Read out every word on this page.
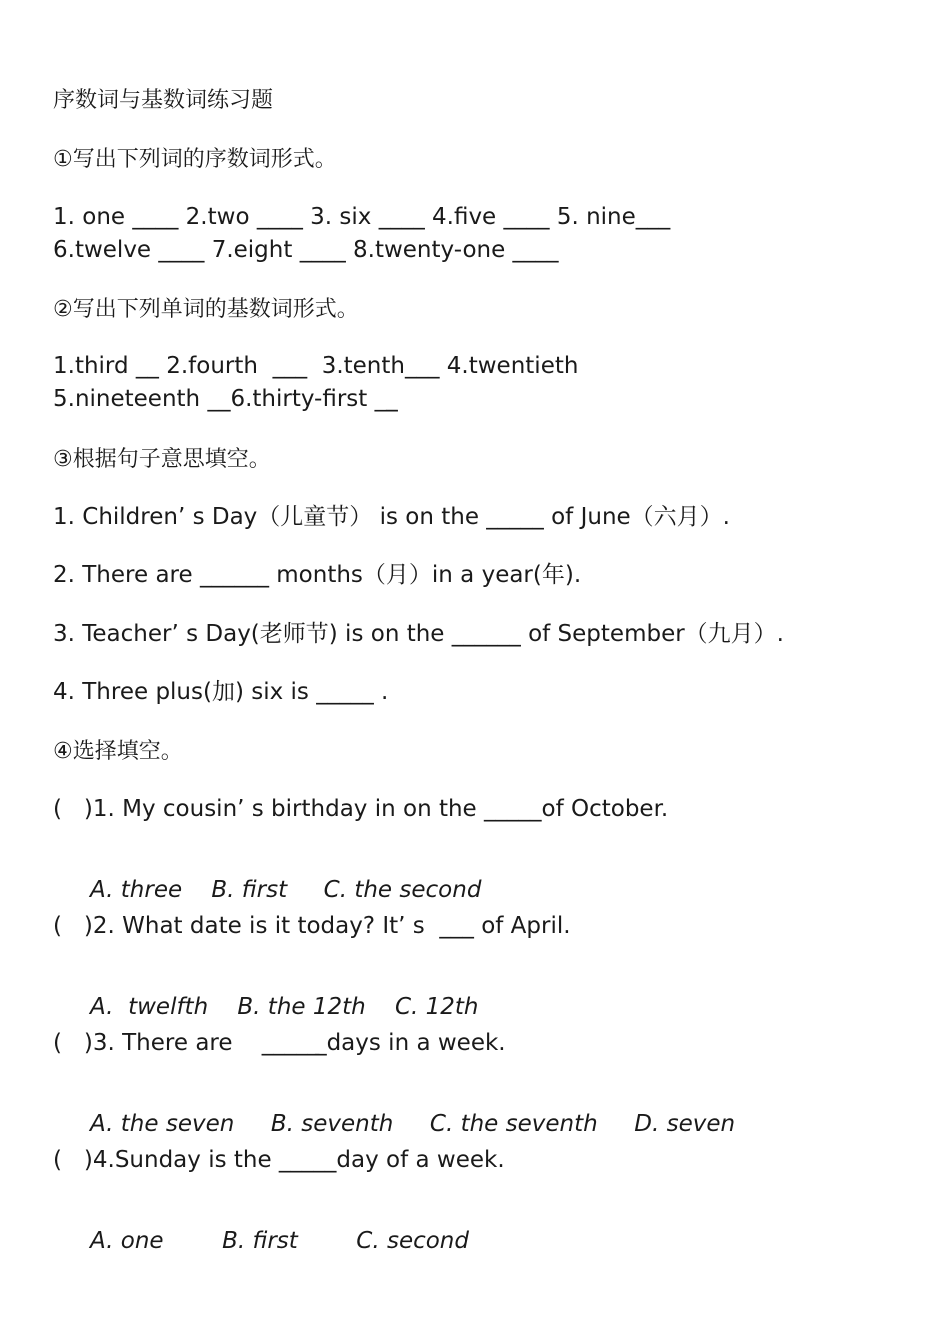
序数词与基数词练习题

①写出下列词的序数词形式。

1. one ____ 2.two ____ 3. six ____ 4.five ____ 5. nine___

6.twelve ____ 7.eight ____ 8.twenty-one ____

②写出下列单词的基数词形式。

1.third __ 2.fourth  ___  3.tenth___ 4.twentieth

5.nineteenth __6.thirty-first __̲

③根据句子意思填空。

1. Children’ s Day（儿童节） is on the _____ of June（六月）.

2. There are ______ months（月）in a year(年).

3. Teacher’ s Day(老师节) is on the ______ of September（九月）.

4. Three plus(加) six is _____ .

④选择填空。

(   )1. My cousin’ s birthday in on the _____of October.

A. three    B. first     C. the second

(   )2. What date is it today? It’ s  ___ of April.

A.  twelfth    B. the 12th    C. 12th

(   )3. There are    _____ ̲days in a week.

A. the seven     B. seventh     C. the seventh     D. seven

(   )4.Sunday is the _____day of a week.

A. one        B. first        C. second
